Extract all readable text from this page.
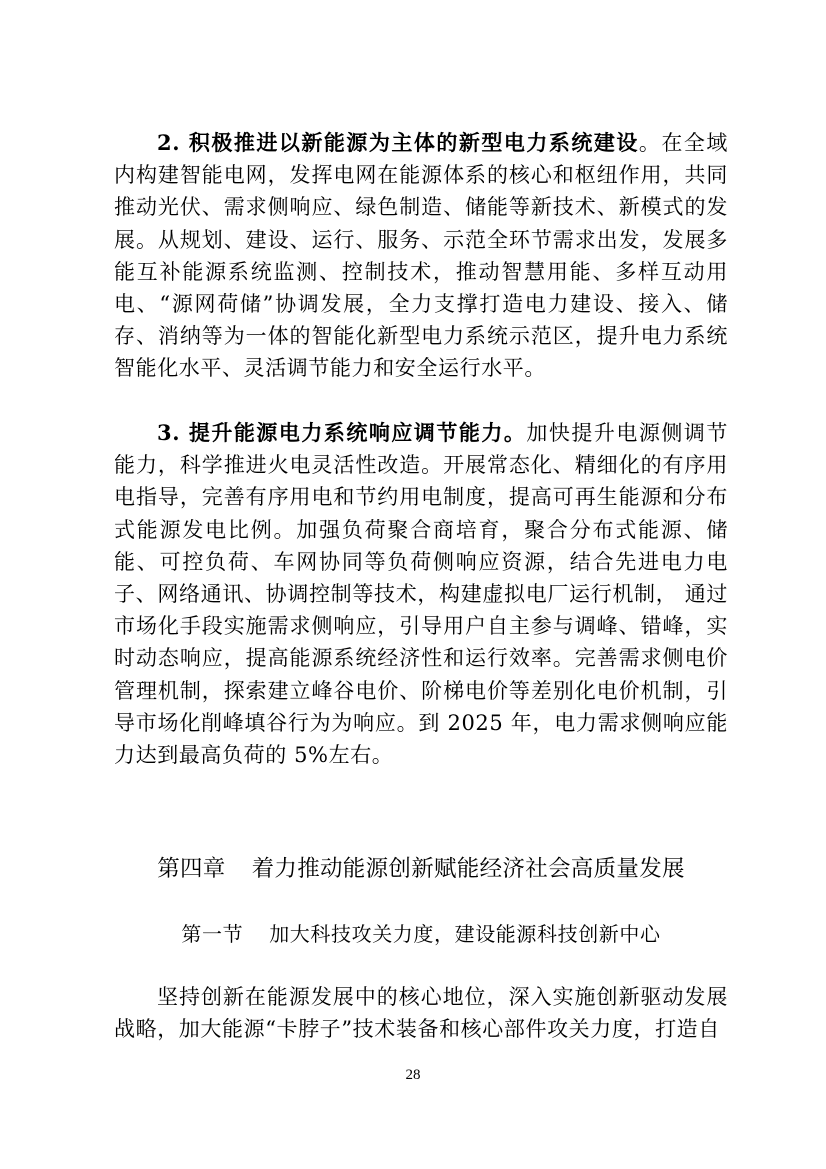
2. 积极推进以新能源为主体的新型电力系统建设。在全域内构建智能电网，发挥电网在能源体系的核心和枢纽作用，共同推动光伏、需求侧响应、绿色制造、储能等新技术、新模式的发展。从规划、建设、运行、服务、示范全环节需求出发，发展多能互补能源系统监测、控制技术，推动智慧用能、多样互动用电、“源网荷储”协调发展，全力支撑打造电力建设、接入、储存、消纳等为一体的智能化新型电力系统示范区，提升电力系统智能化水平、灵活调节能力和安全运行水平。

3. 提升能源电力系统响应调节能力。加快提升电源侧调节能力，科学推进火电灵活性改造。开展常态化、精细化的有序用电指导，完善有序用电和节约用电制度，提高可再生能源和分布式能源发电比例。加强负荷聚合商培育，聚合分布式能源、储能、可控负荷、车网协同等负荷侧响应资源，结合先进电力电子、网络通讯、协调控制等技术，构建虚拟电厂运行机制， 通过市场化手段实施需求侧响应，引导用户自主参与调峰、错峰，实时动态响应，提高能源系统经济性和运行效率。完善需求侧电价管理机制，探索建立峰谷电价、阶梯电价等差别化电价机制，引导市场化削峰填谷行为为响应。到 2025 年，电力需求侧响应能力达到最高负荷的 5%左右。

第四章 着力推动能源创新赋能经济社会高质量发展
第一节 加大科技攻关力度，建设能源科技创新中心

坚持创新在能源发展中的核心地位，深入实施创新驱动发展战略，加大能源“卡脖子”技术装备和核心部件攻关力度，打造自

28
